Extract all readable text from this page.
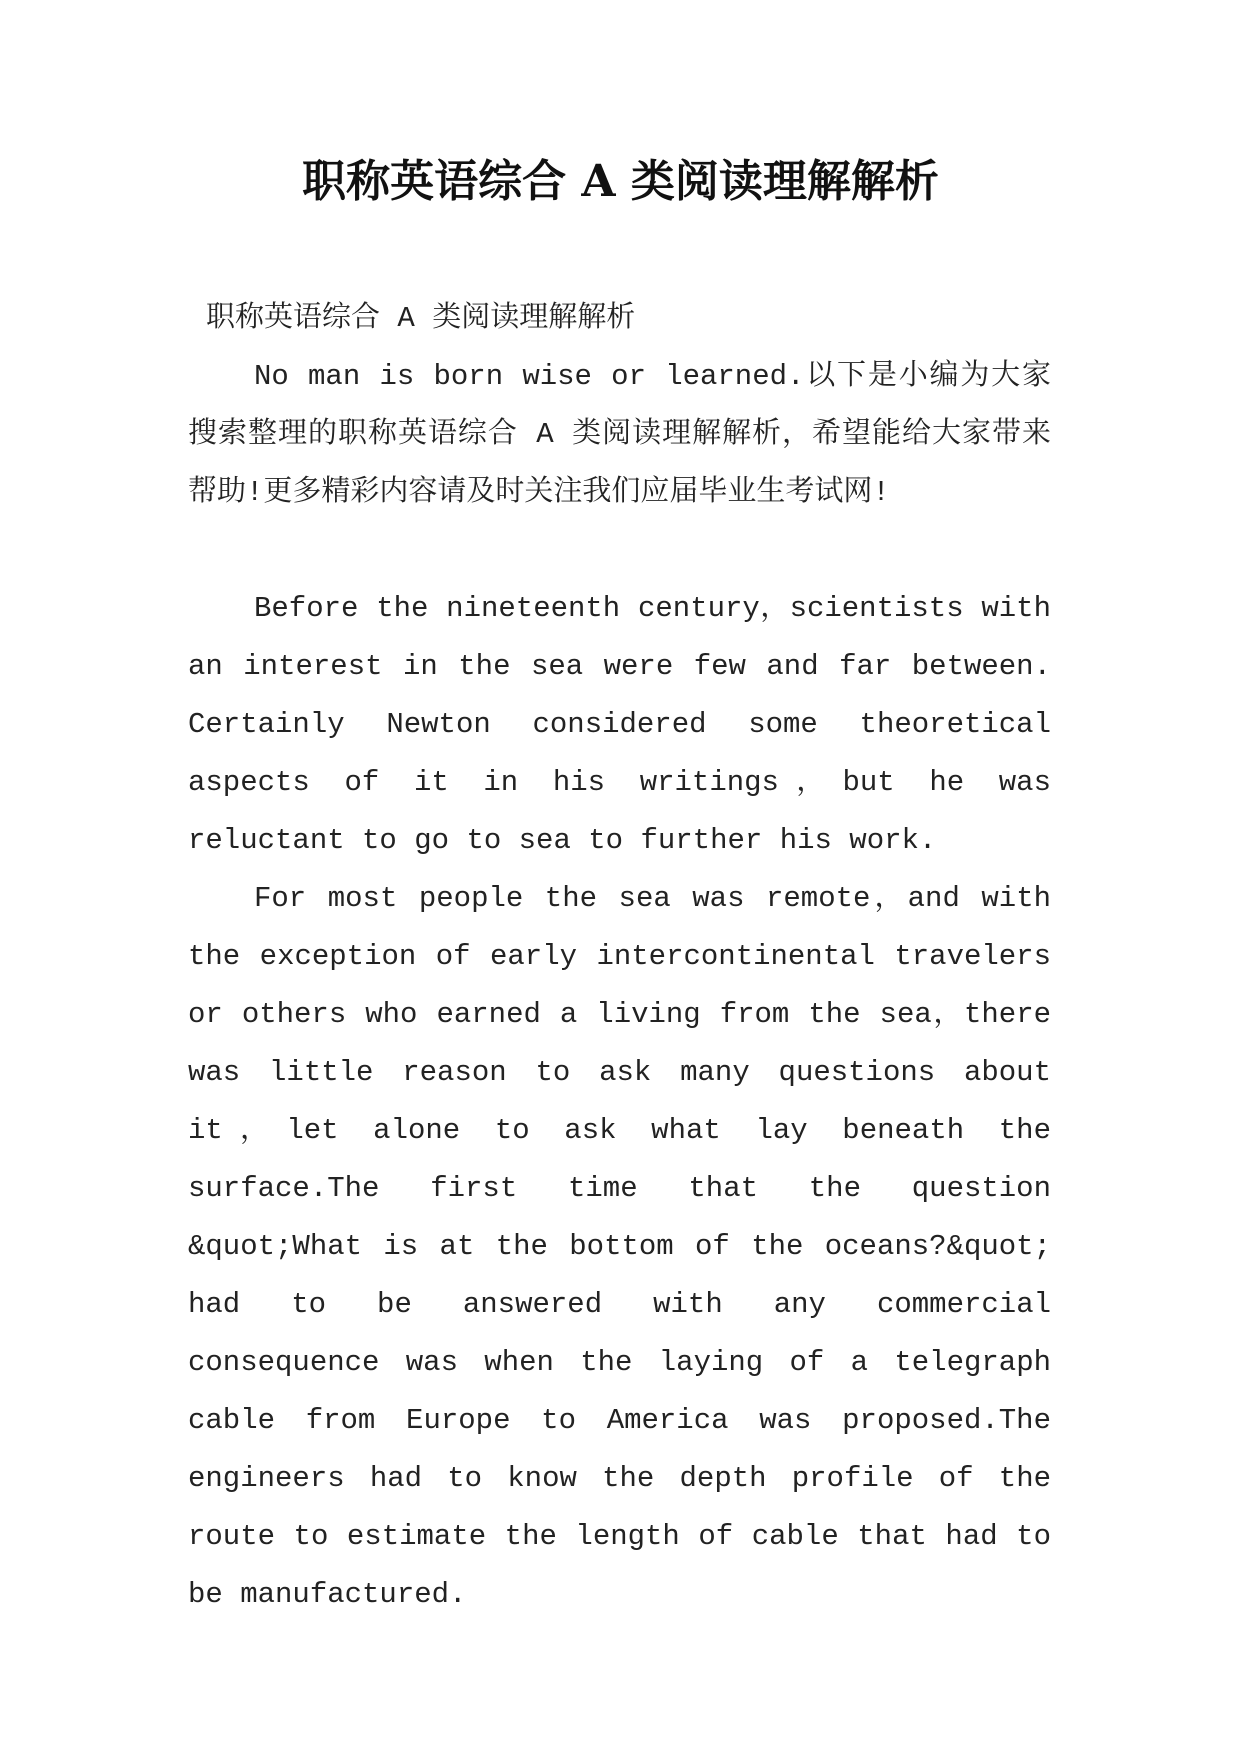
职称英语综合 A 类阅读理解解析

职称英语综合 A 类阅读理解解析

No man is born wise or learned.以下是小编为大家搜索整理的职称英语综合 A 类阅读理解解析，希望能给大家带来帮助!更多精彩内容请及时关注我们应届毕业生考试网!

Before the nineteenth century，scientists with an interest in the sea were few and far between. Certainly Newton considered some theoretical aspects of it in his writings，but he was reluctant to go to sea to further his work.

For most people the sea was remote，and with the exception of early intercontinental travelers or others who earned a living from the sea，there was little reason to ask many questions about it，let alone to ask what lay beneath the surface.The first time that the question &quot;What is at the bottom of the oceans?&quot; had to be answered with any commercial consequence was when the laying of a telegraph cable from Europe to America was proposed.The engineers had to know the depth profile of the route to estimate the length of cable that had to be manufactured.
